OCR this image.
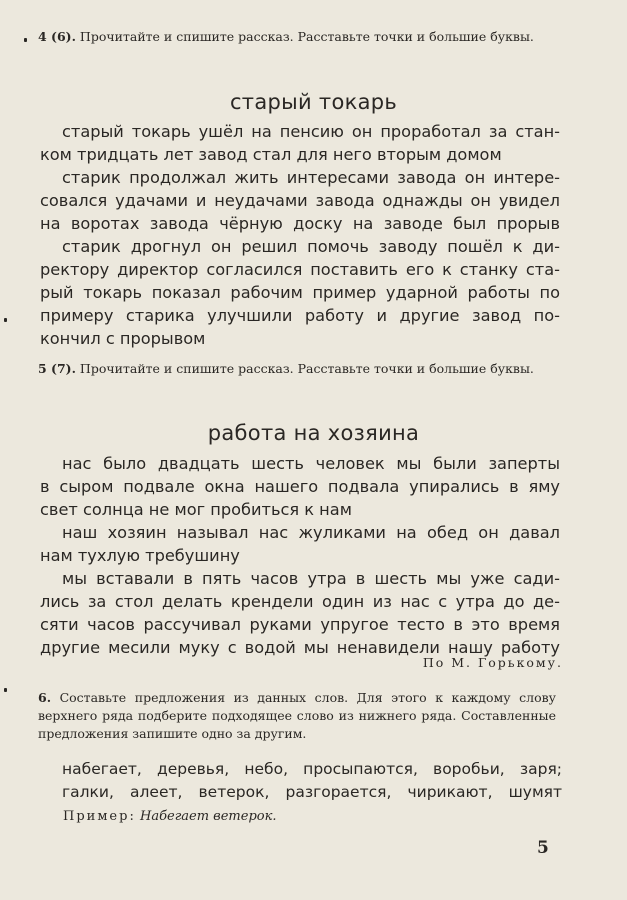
4 (6). Прочитайте и спишите рассказ. Расставьте точки и большие буквы.
старый токарь
старый токарь ушёл на пенсию он проработал за стан-
ком тридцать лет завод стал для него вторым домом
старик продолжал жить интересами завода он интере-
совался удачами и неудачами завода однажды он увидел
на воротах завода чёрную доску на заводе был прорыв
старик дрогнул он решил помочь заводу пошёл к ди-
ректору директор согласился поставить его к станку ста-
рый токарь показал рабочим пример ударной работы по
примеру старика улучшили работу и другие завод по-
кончил с прорывом
5 (7). Прочитайте и спишите рассказ. Расставьте точки и большие буквы.
работа на хозяина
нас было двадцать шесть человек мы были заперты
в сыром подвале окна нашего подвала упирались в яму
свет солнца не мог пробиться к нам
наш хозяин называл нас жуликами на обед он давал
нам тухлую требушину
мы вставали в пять часов утра в шесть мы уже сади-
лись за стол делать крендели один из нас с утра до де-
сяти часов рассучивал руками упругое тесто в это время
другие месили муку с водой мы ненавидели нашу работу
По М. Горькому.
6. Составьте предложения из данных слов. Для этого к каждому слову верхнего ряда подберите подходящее слово из нижнего ряда. Составленные предложения запишите одно за другим.
набегает, деревья, небо, просыпаются, воробьи, заря;
галки, алеет, ветерок, разгорается, чирикают, шумят
Пример: Набегает ветерок.
5
